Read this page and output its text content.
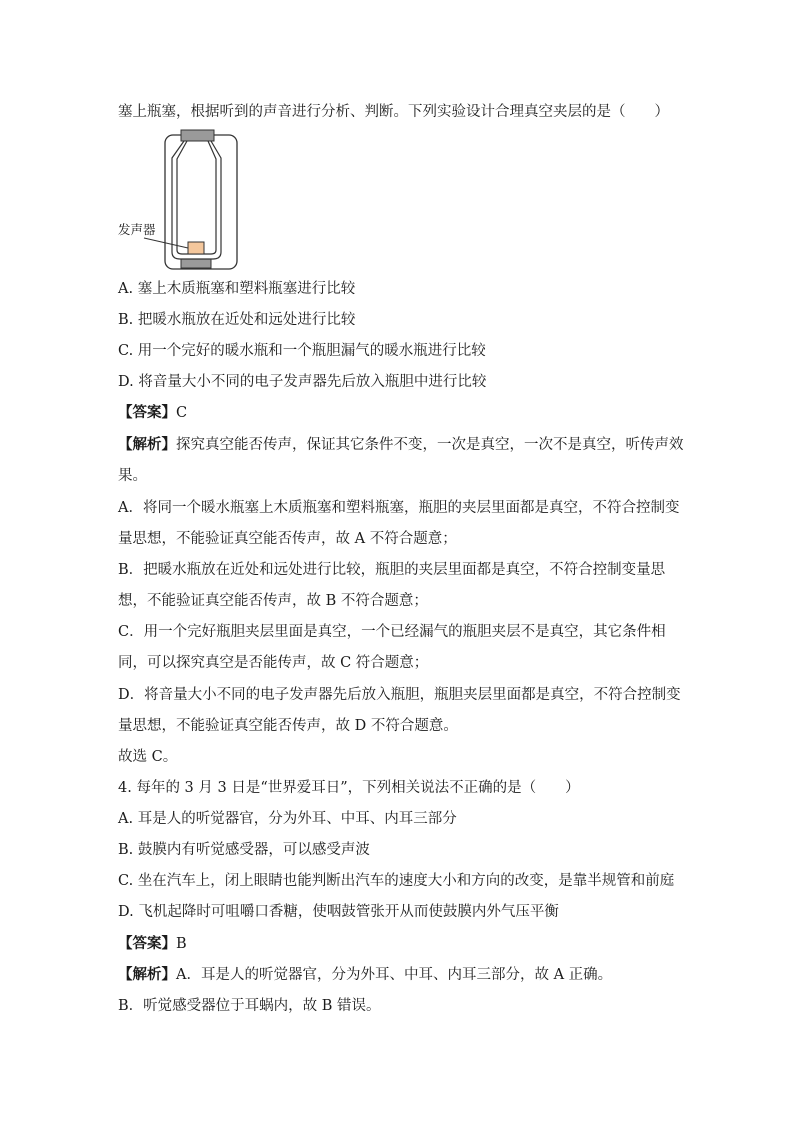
塞上瓶塞，根据听到的声音进行分析、判断。下列实验设计合理真空夹层的是（　　）
发声器
A. 塞上木质瓶塞和塑料瓶塞进行比较
B. 把暖水瓶放在近处和远处进行比较
C. 用一个完好的暖水瓶和一个瓶胆漏气的暖水瓶进行比较
D. 将音量大小不同的电子发声器先后放入瓶胆中进行比较
【答案】C
【解析】探究真空能否传声，保证其它条件不变，一次是真空，一次不是真空，听传声效
果。
A．将同一个暖水瓶塞上木质瓶塞和塑料瓶塞，瓶胆的夹层里面都是真空，不符合控制变
量思想，不能验证真空能否传声，故 A 不符合题意；
B．把暖水瓶放在近处和远处进行比较，瓶胆的夹层里面都是真空，不符合控制变量思
想，不能验证真空能否传声，故 B 不符合题意；
C．用一个完好瓶胆夹层里面是真空，一个已经漏气的瓶胆夹层不是真空，其它条件相
同，可以探究真空是否能传声，故 C 符合题意；
D．将音量大小不同的电子发声器先后放入瓶胆，瓶胆夹层里面都是真空，不符合控制变
量思想，不能验证真空能否传声，故 D 不符合题意。
故选 C。
4. 每年的 3 月 3 日是“世界爱耳日”，下列相关说法不正确的是（　　）
A. 耳是人的听觉器官，分为外耳、中耳、内耳三部分
B. 鼓膜内有听觉感受器，可以感受声波
C. 坐在汽车上，闭上眼睛也能判断出汽车的速度大小和方向的改变，是靠半规管和前庭
D. 飞机起降时可咀嚼口香糖，使咽鼓管张开从而使鼓膜内外气压平衡
【答案】B
【解析】A．耳是人的听觉器官，分为外耳、中耳、内耳三部分，故 A 正确。
B．听觉感受器位于耳蜗内，故 B 错误。
